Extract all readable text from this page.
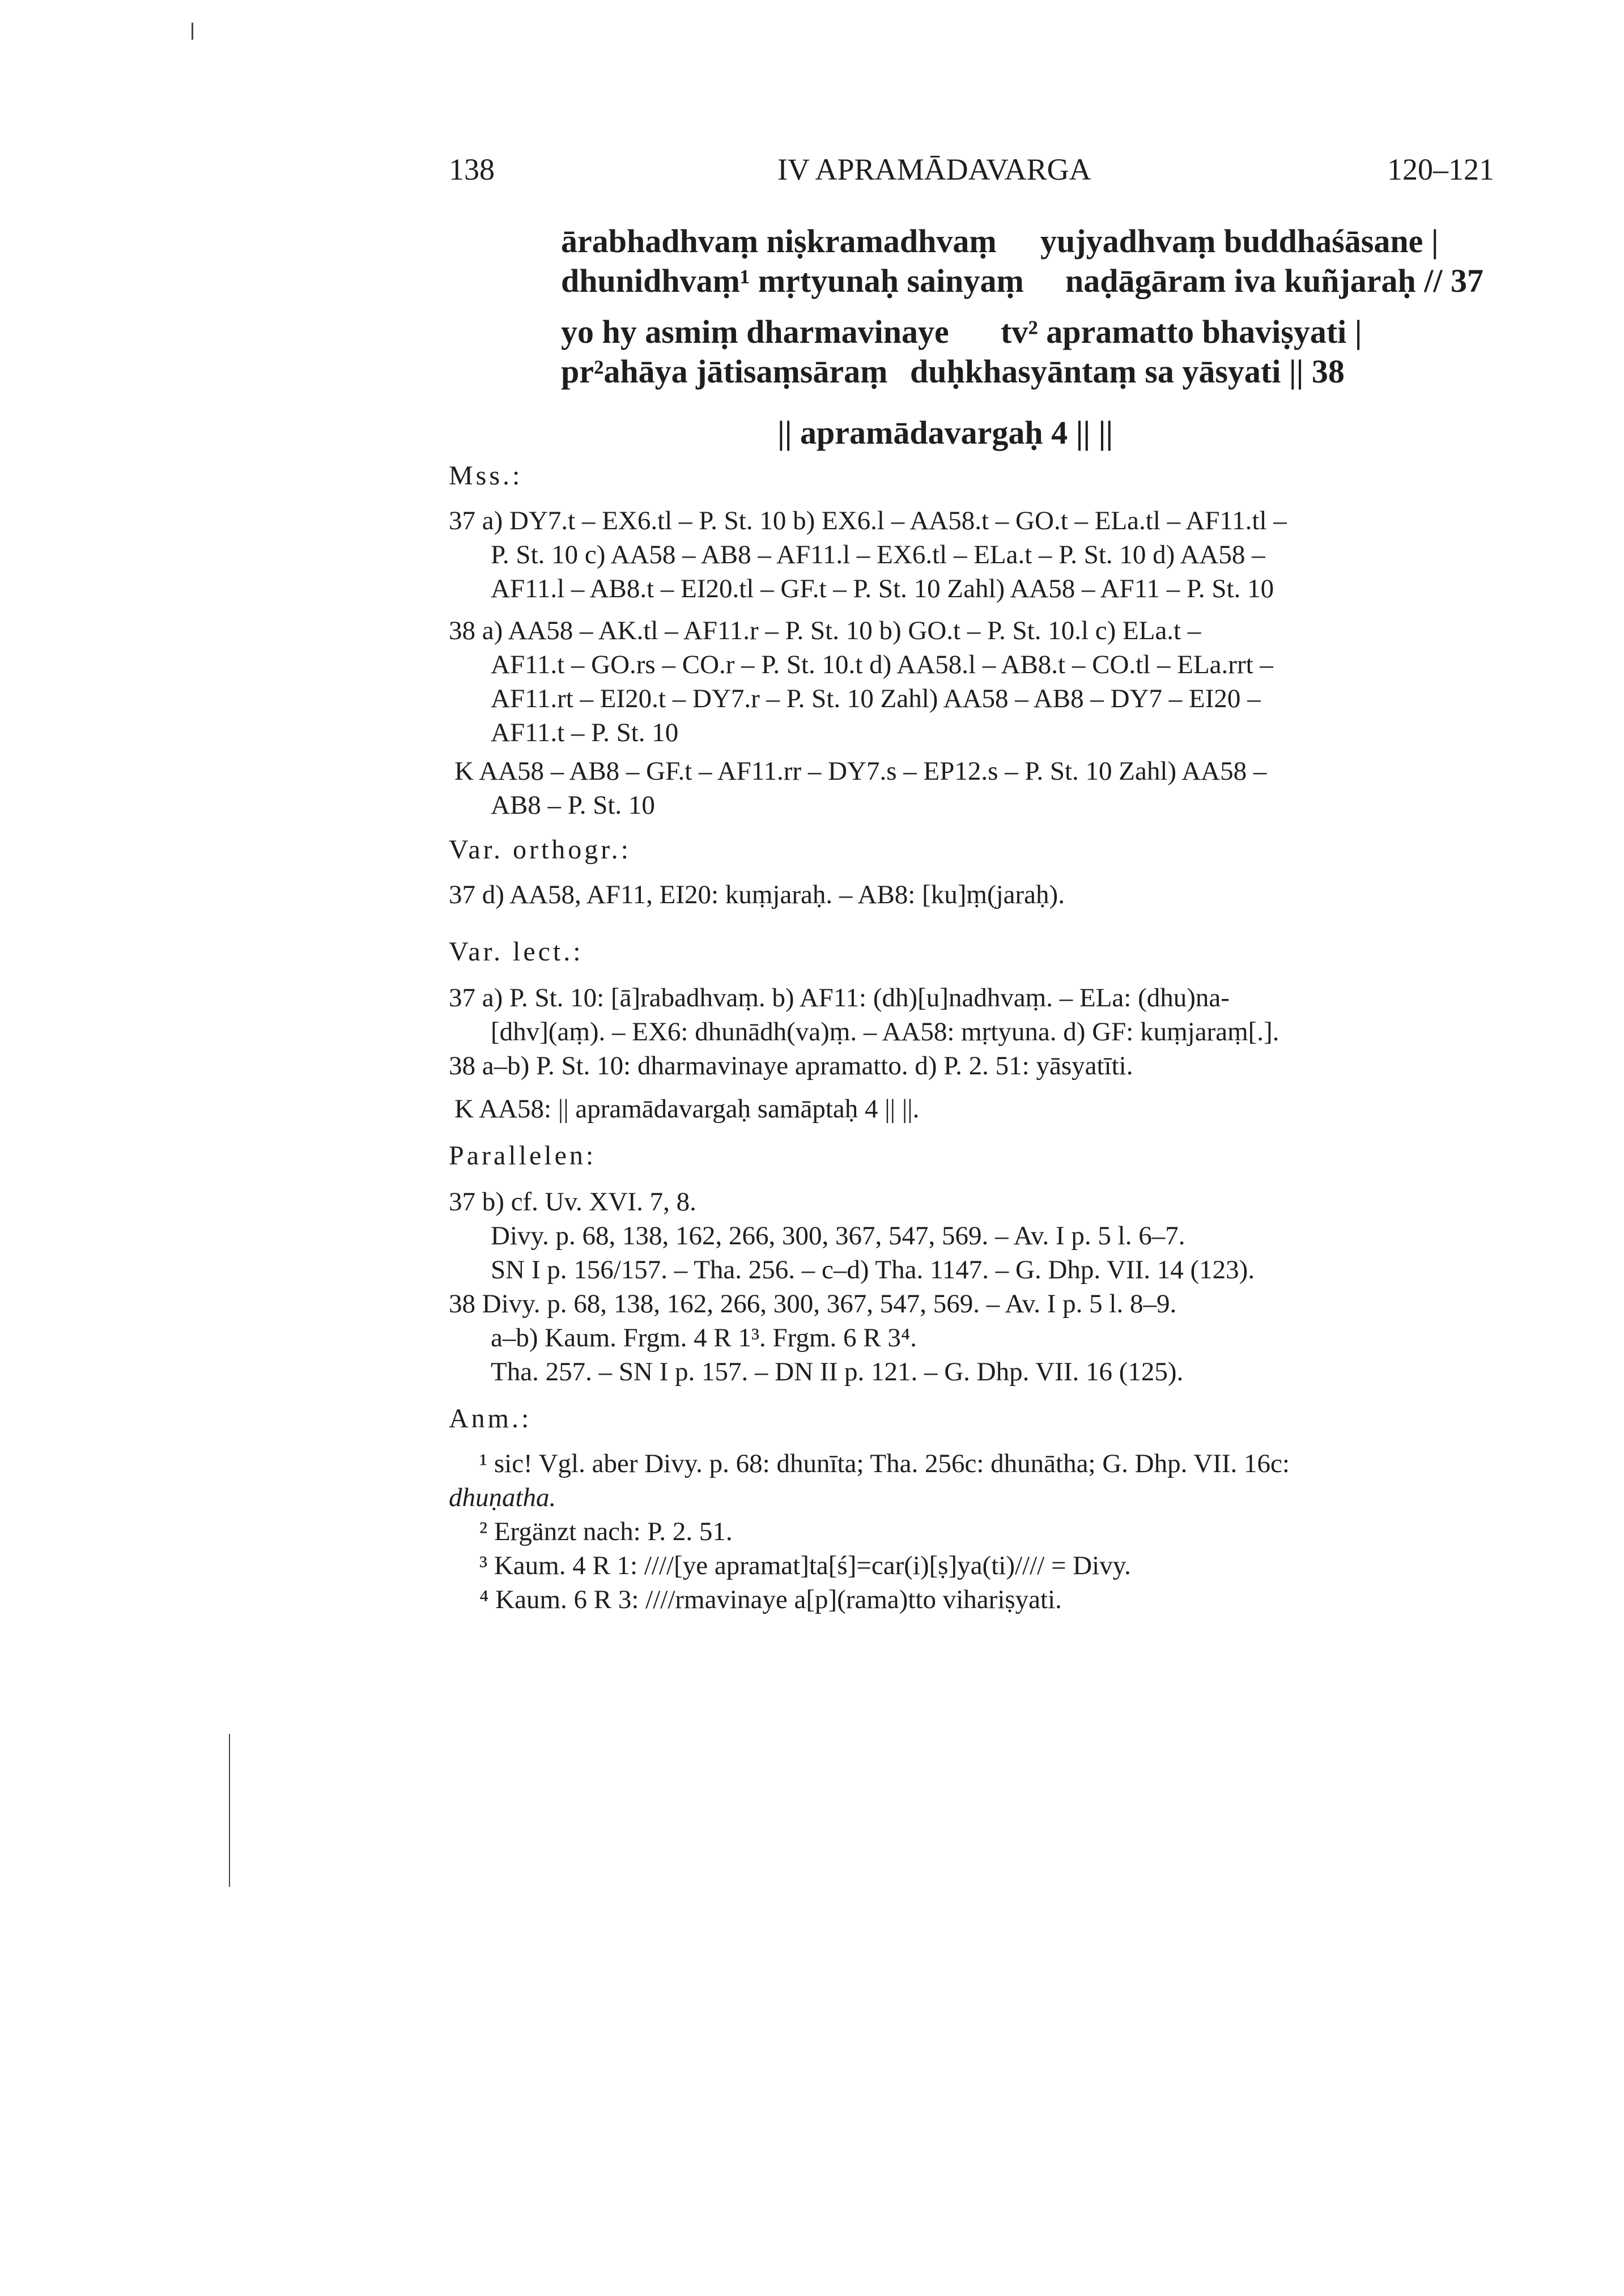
138	IV APRAMĀDAVARGA	120–121
ārabhadhvaṃ niṣkramadhvaṃ yujyadhvaṃ buddhaśāsane |
dhunidhvaṃ¹ mṛtyunaḥ sainyaṃ naḍāgāram iva kuñjaraḥ // 37
yo hy asmiṃ dharmavinaye tv² apramatto bhaviṣyati |
pr²ahāya jātisaṃsāraṃ duḥkhasyāntaṃ sa yāsyati || 38
|| apramādavargaḥ 4 || ||
Mss.:
37 a) DY7.t – EX6.tl – P. St. 10 b) EX6.l – AA58.t – GO.t – ELa.tl – AF11.tl –
P. St. 10 c) AA58 – AB8 – AF11.l – EX6.tl – ELa.t – P. St. 10 d) AA58 –
AF11.l – AB8.t – EI20.tl – GF.t – P. St. 10 Zahl) AA58 – AF11 – P. St. 10
38 a) AA58 – AK.tl – AF11.r – P. St. 10 b) GO.t – P. St. 10.l c) ELa.t –
AF11.t – GO.rs – CO.r – P. St. 10.t d) AA58.l – AB8.t – CO.tl – ELa.rrt –
AF11.rt – EI20.t – DY7.r – P. St. 10 Zahl) AA58 – AB8 – DY7 – EI20 –
AF11.t – P. St. 10
K AA58 – AB8 – GF.t – AF11.rr – DY7.s – EP12.s – P. St. 10 Zahl) AA58 –
AB8 – P. St. 10
Var. orthogr.:
37 d) AA58, AF11, EI20: kuṃjaraḥ. – AB8: [ku]ṃ(jaraḥ).
Var. lect.:
37 a) P. St. 10: [ā]rabadhvaṃ. b) AF11: (dh)[u]nadhvaṃ. – ELa: (dhu)na-
[dhv](aṃ). – EX6: dhunādh(va)ṃ. – AA58: mṛtyuna. d) GF: kuṃjaraṃ[.].
38 a–b) P. St. 10: dharmavinaye apramatto. d) P. 2. 51: yāsyatīti.
K AA58: || apramādavargaḥ samāptaḥ 4 || ||.
Parallelen:
37 b) cf. Uv. XVI. 7, 8.
Divy. p. 68, 138, 162, 266, 300, 367, 547, 569. – Av. I p. 5 l. 6–7.
SN I p. 156/157. – Tha. 256. – c–d) Tha. 1147. – G. Dhp. VII. 14 (123).
38 Divy. p. 68, 138, 162, 266, 300, 367, 547, 569. – Av. I p. 5 l. 8–9.
a–b) Kaum. Frgm. 4 R 1³. Frgm. 6 R 3⁴.
Tha. 257. – SN I p. 157. – DN II p. 121. – G. Dhp. VII. 16 (125).
Anm.:
¹ sic! Vgl. aber Divy. p. 68: dhunīta; Tha. 256c: dhunātha; G. Dhp. VII. 16c:
dhuṇatha.
² Ergänzt nach: P. 2. 51.
³ Kaum. 4 R 1: ////[ye apramat]ta[ś]=car(i)[ṣ]ya(ti)//// = Divy.
⁴ Kaum. 6 R 3: ////rmavinaye a[p](rama)tto vihariṣyati.
